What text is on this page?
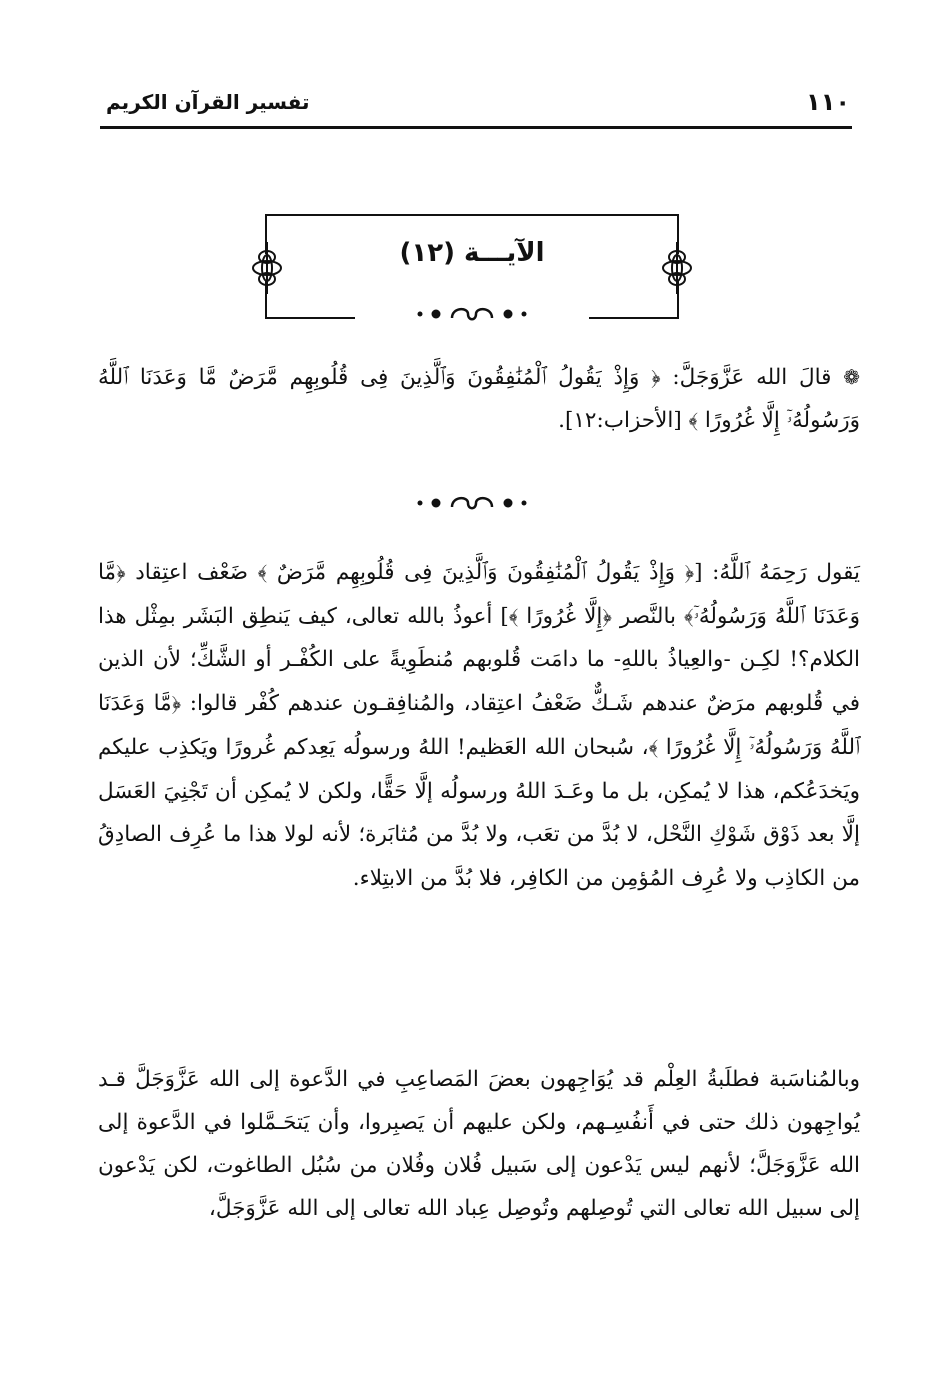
١١٠
تفسير القرآن الكريم
الآيـــة (١٢)

❁ قالَ الله عَزَّوَجَلَّ: ﴿ وَإِذْ يَقُولُ ٱلْمُنَٰفِقُونَ وَٱلَّذِينَ فِى قُلُوبِهِم مَّرَضٌ مَّا وَعَدَنَا ٱللَّهُ وَرَسُولُهُۥٓ إِلَّا غُرُورًا ﴾ [الأحزاب:١٢].

يَقول رَحِمَهُ ٱللَّهُ: [﴿ وَإِذْ يَقُولُ ٱلْمُنَٰفِقُونَ وَٱلَّذِينَ فِى قُلُوبِهِم مَّرَضٌ ﴾ ضَعْف اعتِقاد ﴿مَّا وَعَدَنَا ٱللَّهُ وَرَسُولُهُۥٓ﴾ بالنَّصر ﴿إِلَّا غُرُورًا ﴾] أعوذُ بالله تعالى، كيف يَنطِق البَشَر بمِثْل هذا الكلام؟! لكِـن -والعِياذُ باللهِ- ما دامَت قُلوبهم مُنطَوِيةً على الكُفْـر أو الشَّكِّ؛ لأن الذين في قُلوبهم مرَضٌ عندهم شَـكٌّ ضَعْفُ اعتِقاد، والمُنافِقـون عندهم كُفْر قالوا: ﴿مَّا وَعَدَنَا ٱللَّهُ وَرَسُولُهُۥٓ إِلَّا غُرُورًا ﴾، سُبحان الله العَظيم! اللهُ ورسولُه يَعِدكم غُرورًا ويَكذِب عليكم ويَخدَعُكم، هذا لا يُمكِن، بل ما وعَـدَ اللهُ ورسولُه إلَّا حَقًّا، ولكن لا يُمكِن أن تَجْنِيَ العَسَل إلَّا بعد ذَوْق شَوْكِ النَّحْل، لا بُدَّ من تعَب، ولا بُدَّ من مُثابَرة؛ لأنه لولا هذا ما عُرِف الصادِقُ من الكاذِب ولا عُرِف المُؤمِن من الكافِر، فلا بُدَّ من الابتِلاء.

وبالمُناسَبة فطلَبةُ العِلْم قد يُوَاجِهون بعضَ المَصاعِبِ في الدَّعوة إلى الله عَزَّوَجَلَّ قـد يُواجِهون ذلك حتى في أَنفُسِـهم، ولكن عليهم أن يَصبِروا، وأن يَتحَـمَّلوا في الدَّعوة إلى الله عَزَّوَجَلَّ؛ لأنهم ليس يَدْعون إلى سَبيل فُلان وفُلان من سُبُل الطاغوت، لكن يَدْعون إلى سبيل الله تعالى التي تُوصِلهم وتُوصِل عِباد الله تعالى إلى الله عَزَّوَجَلَّ،
